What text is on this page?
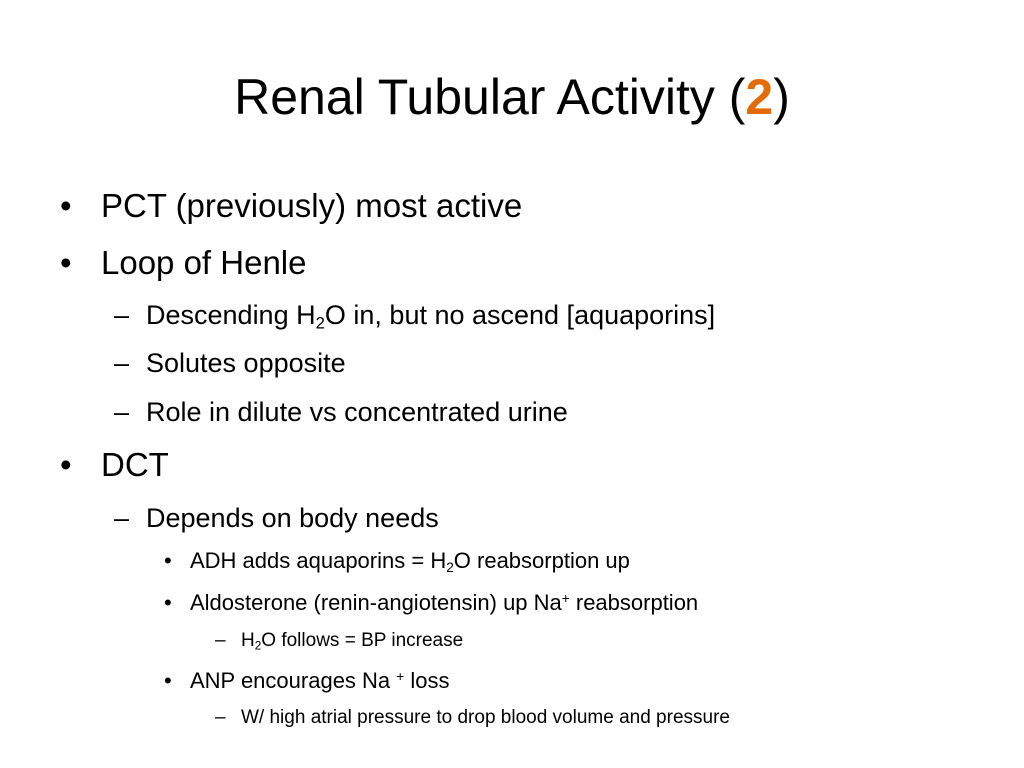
Renal Tubular Activity (2)
• PCT (previously) most active
• Loop of Henle
– Descending $H_2O$ in, but no ascend [aquaporins]
– Solutes opposite
– Role in dilute vs concentrated urine
• DCT
– Depends on body needs
• ADH adds aquaporins = $H_2O$ reabsorption up
• Aldosterone (renin-angiotensin) up Na+ reabsorption
– $H_2O$ follows = BP increase
• ANP encourages Na + loss
– W/ high atrial pressure to drop blood volume and pressure
